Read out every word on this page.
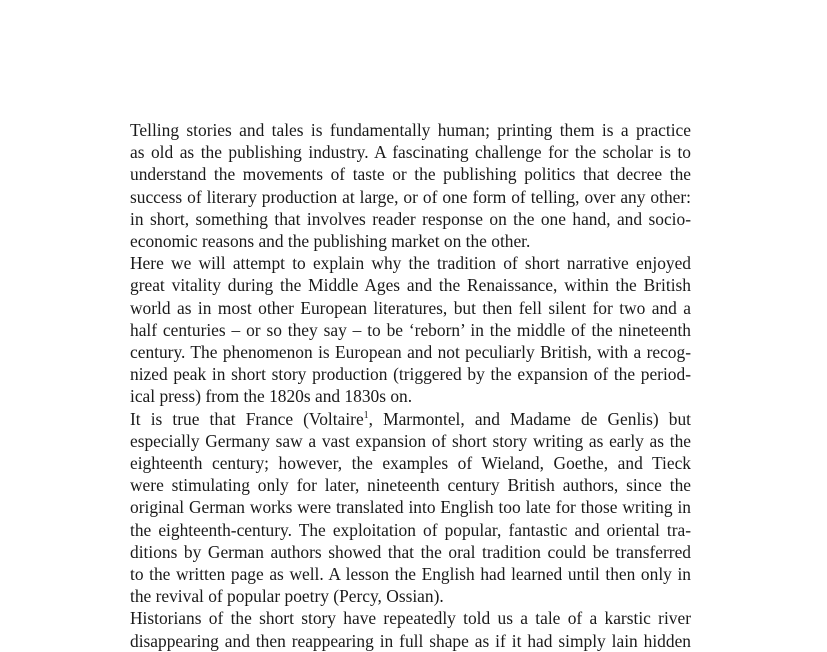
Telling stories and tales is fundamentally human; printing them is a practice
as old as the publishing industry. A fascinating challenge for the scholar is to
understand the movements of taste or the publishing politics that decree the
success of literary production at large, or of one form of telling, over any other:
in short, something that involves reader response on the one hand, and socio-
economic reasons and the publishing market on the other.

Here we will attempt to explain why the tradition of short narrative enjoyed
great vitality during the Middle Ages and the Renaissance, within the British
world as in most other European literatures, but then fell silent for two and a
half centuries – or so they say – to be ‘reborn’ in the middle of the nineteenth
century. The phenomenon is European and not peculiarly British, with a recog-
nized peak in short story production (triggered by the expansion of the period-
ical press) from the 1820s and 1830s on.

It is true that France (Voltaire$^1$, Marmontel, and Madame de Genlis) but
especially Germany saw a vast expansion of short story writing as early as the
eighteenth century; however, the examples of Wieland, Goethe, and Tieck
were stimulating only for later, nineteenth century British authors, since the
original German works were translated into English too late for those writing in
the eighteenth-century. The exploitation of popular, fantastic and oriental tra-
ditions by German authors showed that the oral tradition could be transferred
to the written page as well. A lesson the English had learned until then only in
the revival of popular poetry (Percy, Ossian).

Historians of the short story have repeatedly told us a tale of a karstic river
disappearing and then reappearing in full shape as if it had simply lain hidden
